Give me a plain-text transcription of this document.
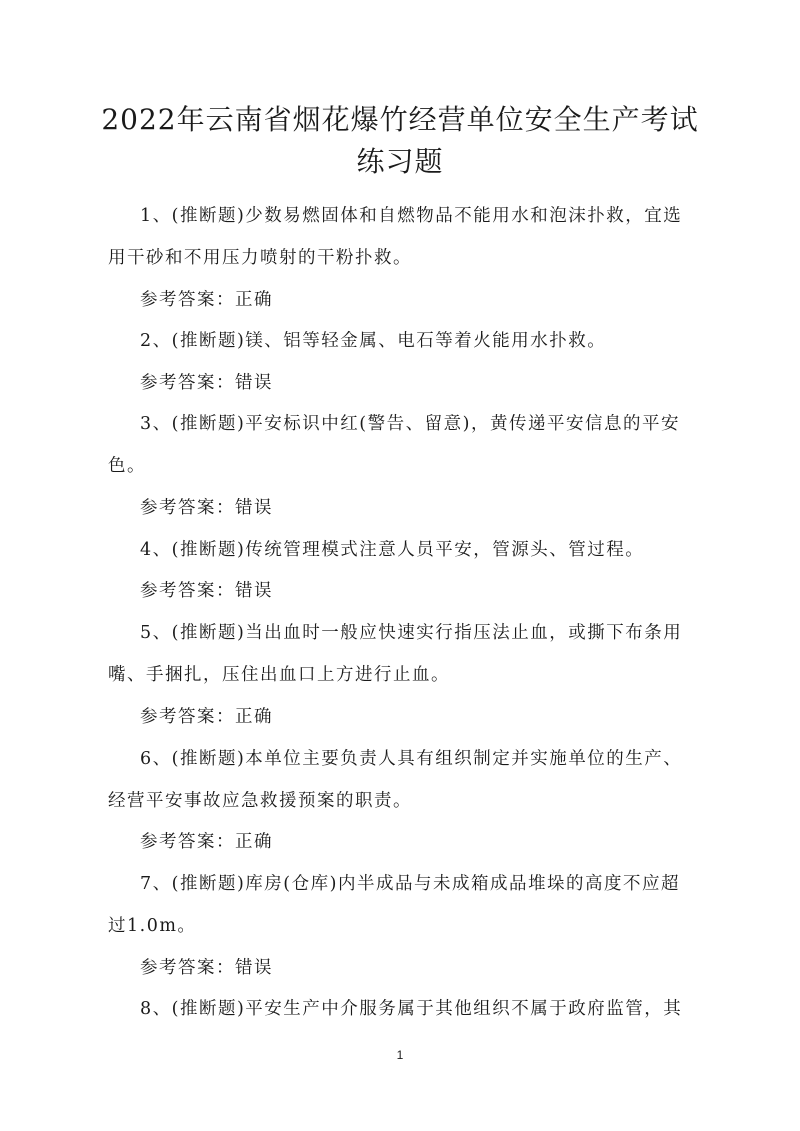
2022年云南省烟花爆竹经营单位安全生产考试
练习题
1、(推断题)少数易燃固体和自燃物品不能用水和泡沫扑救，宜选用干砂和不用压力喷射的干粉扑救。
参考答案：正确
2、(推断题)镁、铝等轻金属、电石等着火能用水扑救。
参考答案：错误
3、(推断题)平安标识中红(警告、留意)，黄传递平安信息的平安色。
参考答案：错误
4、(推断题)传统管理模式注意人员平安，管源头、管过程。
参考答案：错误
5、(推断题)当出血时一般应快速实行指压法止血，或撕下布条用嘴、手捆扎，压住出血口上方进行止血。
参考答案：正确
6、(推断题)本单位主要负责人具有组织制定并实施单位的生产、经营平安事故应急救援预案的职责。
参考答案：正确
7、(推断题)库房(仓库)内半成品与未成箱成品堆垛的高度不应超过1.0m。
参考答案：错误
8、(推断题)平安生产中介服务属于其他组织不属于政府监管，其
1
